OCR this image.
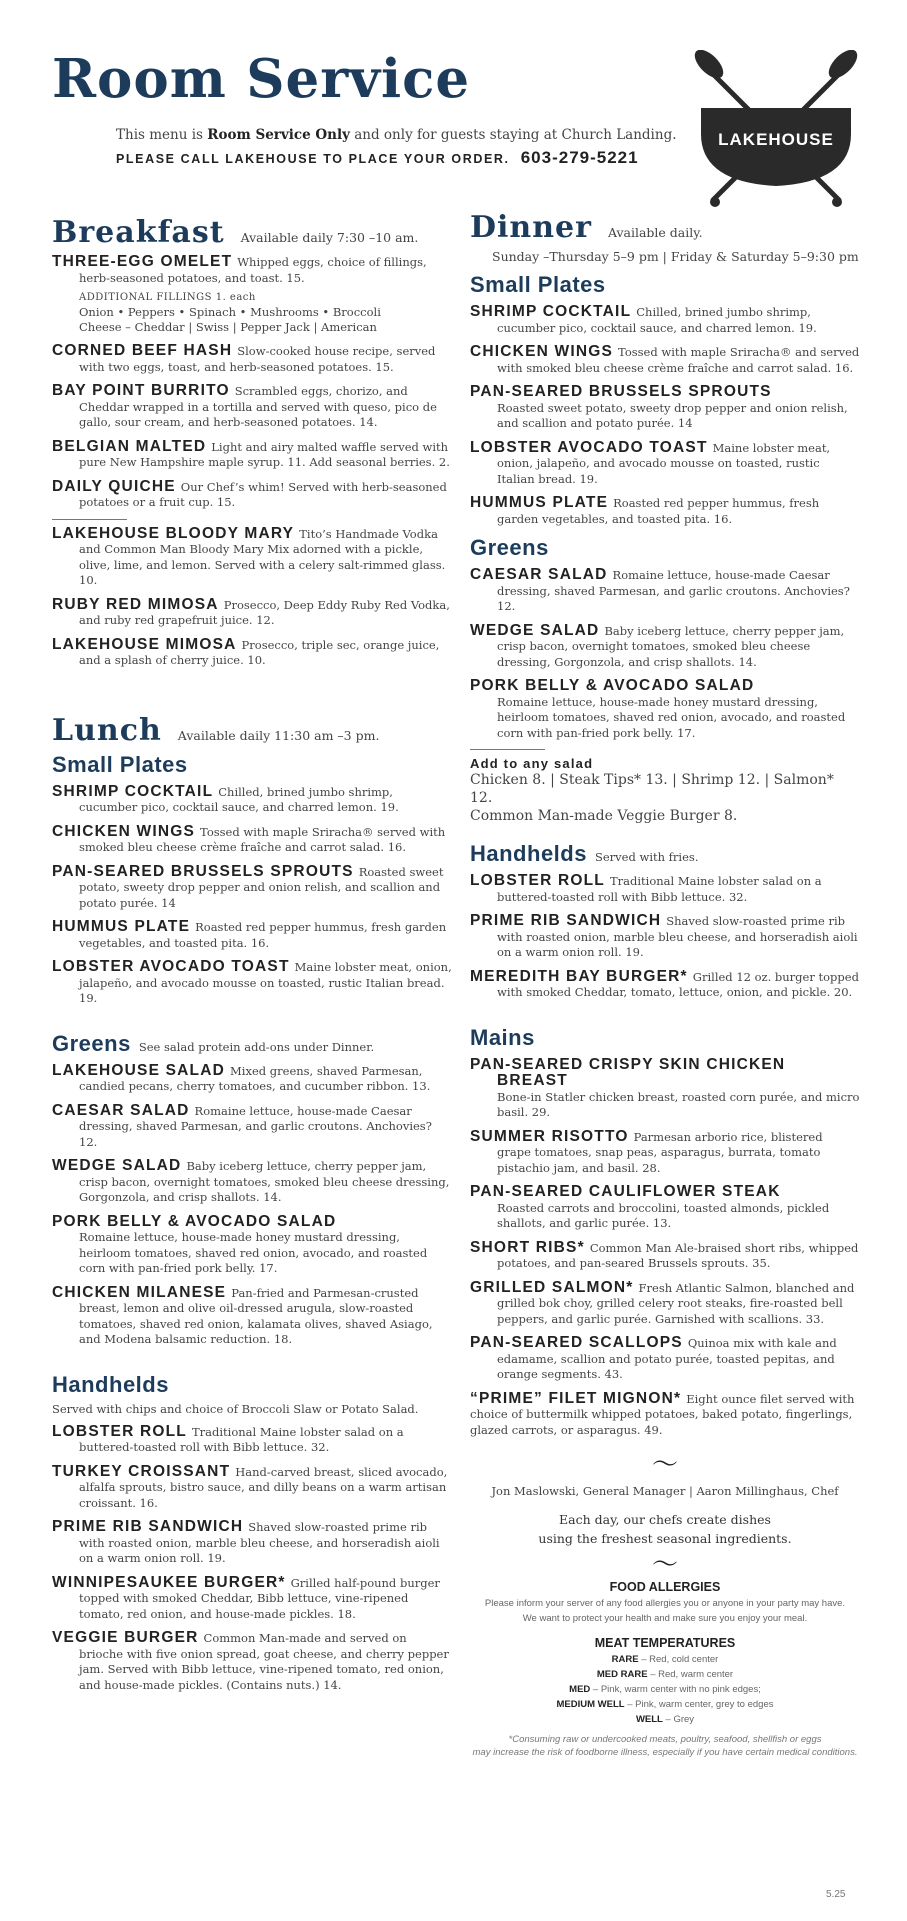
Room Service
This menu is Room Service Only and only for guests staying at Church Landing.
PLEASE CALL LAKEHOUSE TO PLACE YOUR ORDER. 603-279-5221
LAKEHOUSE
Breakfast Available daily 7:30 –10 am.
THREE-EGG OMELET Whipped eggs, choice of fillings, herb-seasoned potatoes, and toast. 15.
ADDITIONAL FILLINGS 1. each
Onion • Peppers • Spinach • Mushrooms • Broccoli
Cheese – Cheddar | Swiss | Pepper Jack | American
CORNED BEEF HASH Slow-cooked house recipe, served with two eggs, toast, and herb-seasoned potatoes. 15.
BAY POINT BURRITO Scrambled eggs, chorizo, and Cheddar wrapped in a tortilla and served with queso, pico de gallo, sour cream, and herb-seasoned potatoes. 14.
BELGIAN MALTED Light and airy malted waffle served with pure New Hampshire maple syrup. 11. Add seasonal berries. 2.
DAILY QUICHE Our Chef’s whim! Served with herb-seasoned potatoes or a fruit cup. 15.
LAKEHOUSE BLOODY MARY Tito’s Handmade Vodka and Common Man Bloody Mary Mix adorned with a pickle, olive, lime, and lemon. Served with a celery salt-rimmed glass. 10.
RUBY RED MIMOSA Prosecco, Deep Eddy Ruby Red Vodka, and ruby red grapefruit juice. 12.
LAKEHOUSE MIMOSA Prosecco, triple sec, orange juice, and a splash of cherry juice. 10.
Lunch Available daily 11:30 am –3 pm.
Small Plates
SHRIMP COCKTAIL Chilled, brined jumbo shrimp, cucumber pico, cocktail sauce, and charred lemon. 19.
CHICKEN WINGS Tossed with maple Sriracha® served with smoked bleu cheese crème fraîche and carrot salad. 16.
PAN-SEARED BRUSSELS SPROUTS Roasted sweet potato, sweety drop pepper and onion relish, and scallion and potato purée. 14
HUMMUS PLATE Roasted red pepper hummus, fresh garden vegetables, and toasted pita. 16.
LOBSTER AVOCADO TOAST Maine lobster meat, onion, jalapeño, and avocado mousse on toasted, rustic Italian bread. 19.
Greens See salad protein add-ons under Dinner.
LAKEHOUSE SALAD Mixed greens, shaved Parmesan, candied pecans, cherry tomatoes, and cucumber ribbon. 13.
CAESAR SALAD Romaine lettuce, house-made Caesar dressing, shaved Parmesan, and garlic croutons. Anchovies? 12.
WEDGE SALAD Baby iceberg lettuce, cherry pepper jam, crisp bacon, overnight tomatoes, smoked bleu cheese dressing, Gorgonzola, and crisp shallots. 14.
PORK BELLY & AVOCADO SALAD
Romaine lettuce, house-made honey mustard dressing, heirloom tomatoes, shaved red onion, avocado, and roasted corn with pan-fried pork belly. 17.
CHICKEN MILANESE Pan-fried and Parmesan-crusted breast, lemon and olive oil-dressed arugula, slow-roasted tomatoes, shaved red onion, kalamata olives, shaved Asiago, and Modena balsamic reduction. 18.
Handhelds
Served with chips and choice of Broccoli Slaw or Potato Salad.
LOBSTER ROLL Traditional Maine lobster salad on a buttered-toasted roll with Bibb lettuce. 32.
TURKEY CROISSANT Hand-carved breast, sliced avocado, alfalfa sprouts, bistro sauce, and dilly beans on a warm artisan croissant. 16.
PRIME RIB SANDWICH Shaved slow-roasted prime rib with roasted onion, marble bleu cheese, and horseradish aioli on a warm onion roll. 19.
WINNIPESAUKEE BURGER* Grilled half-pound burger topped with smoked Cheddar, Bibb lettuce, vine-ripened tomato, red onion, and house-made pickles. 18.
VEGGIE BURGER Common Man-made and served on brioche with five onion spread, goat cheese, and cherry pepper jam. Served with Bibb lettuce, vine-ripened tomato, red onion, and house-made pickles. (Contains nuts.) 14.
Dinner Available daily.
Sunday –Thursday 5–9 pm | Friday & Saturday 5–9:30 pm
Small Plates
SHRIMP COCKTAIL Chilled, brined jumbo shrimp, cucumber pico, cocktail sauce, and charred lemon. 19.
CHICKEN WINGS Tossed with maple Sriracha® and served with smoked bleu cheese crème fraîche and carrot salad. 16.
PAN-SEARED BRUSSELS SPROUTS
Roasted sweet potato, sweety drop pepper and onion relish, and scallion and potato purée. 14
LOBSTER AVOCADO TOAST Maine lobster meat, onion, jalapeño, and avocado mousse on toasted, rustic Italian bread. 19.
HUMMUS PLATE Roasted red pepper hummus, fresh garden vegetables, and toasted pita. 16.
Greens
CAESAR SALAD Romaine lettuce, house-made Caesar dressing, shaved Parmesan, and garlic croutons. Anchovies? 12.
WEDGE SALAD Baby iceberg lettuce, cherry pepper jam, crisp bacon, overnight tomatoes, smoked bleu cheese dressing, Gorgonzola, and crisp shallots. 14.
PORK BELLY & AVOCADO SALAD
Romaine lettuce, house-made honey mustard dressing, heirloom tomatoes, shaved red onion, avocado, and roasted corn with pan-fried pork belly. 17.
Add to any salad
Chicken 8. | Steak Tips* 13. | Shrimp 12. | Salmon* 12.
Common Man-made Veggie Burger 8.
Handhelds Served with fries.
LOBSTER ROLL Traditional Maine lobster salad on a buttered-toasted roll with Bibb lettuce. 32.
PRIME RIB SANDWICH Shaved slow-roasted prime rib with roasted onion, marble bleu cheese, and horseradish aioli on a warm onion roll. 19.
MEREDITH BAY BURGER* Grilled 12 oz. burger topped with smoked Cheddar, tomato, lettuce, onion, and pickle. 20.
Mains
PAN-SEARED CRISPY SKIN CHICKEN BREAST
Bone-in Statler chicken breast, roasted corn purée, and micro basil. 29.
SUMMER RISOTTO Parmesan arborio rice, blistered grape tomatoes, snap peas, asparagus, burrata, tomato pistachio jam, and basil. 28.
PAN-SEARED CAULIFLOWER STEAK
Roasted carrots and broccolini, toasted almonds, pickled shallots, and garlic purée. 13.
SHORT RIBS* Common Man Ale-braised short ribs, whipped potatoes, and pan-seared Brussels sprouts. 35.
GRILLED SALMON* Fresh Atlantic Salmon, blanched and grilled bok choy, grilled celery root steaks, fire-roasted bell peppers, and garlic purée. Garnished with scallions. 33.
PAN-SEARED SCALLOPS Quinoa mix with kale and edamame, scallion and potato purée, toasted pepitas, and orange segments. 43.
“PRIME” FILET MIGNON* Eight ounce filet served with choice of buttermilk whipped potatoes, baked potato, fingerlings, glazed carrots, or asparagus. 49.
〜
Jon Maslowski, General Manager | Aaron Millinghaus, Chef
Each day, our chefs create dishes
using the freshest seasonal ingredients.
〜
FOOD ALLERGIES
Please inform your server of any food allergies you or anyone in your party may have.
We want to protect your health and make sure you enjoy your meal.
MEAT TEMPERATURES
RARE – Red, cold center
MED RARE – Red, warm center
MED – Pink, warm center with no pink edges;
MEDIUM WELL – Pink, warm center, grey to edges
WELL – Grey
*Consuming raw or undercooked meats, poultry, seafood, shellfish or eggs
may increase the risk of foodborne illness, especially if you have certain medical conditions.
5.25
